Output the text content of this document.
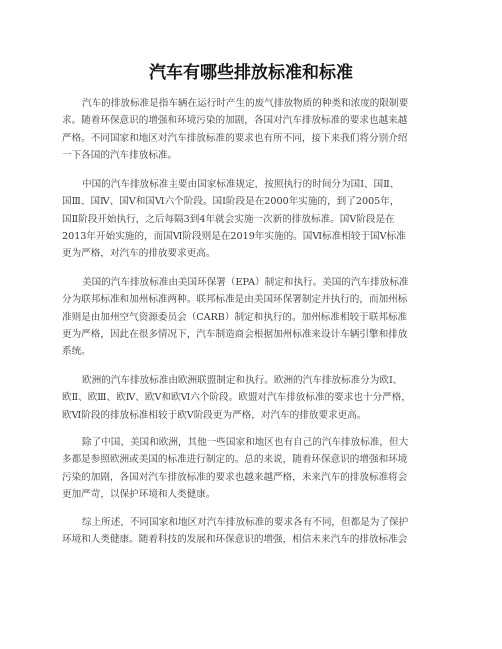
汽车有哪些排放标准和标准

汽车的排放标准是指车辆在运行时产生的废气排放物质的种类和浓度的限制要
求。随着环保意识的增强和环境污染的加剧，各国对汽车排放标准的要求也越来越
严格。不同国家和地区对汽车排放标准的要求也有所不同，接下来我们将分别介绍
一下各国的汽车排放标准。

中国的汽车排放标准主要由国家标准规定，按照执行的时间分为国Ⅰ、国Ⅱ、
国Ⅲ、国Ⅳ、国Ⅴ和国Ⅵ六个阶段。国Ⅰ阶段是在2000年实施的，到了2005年，
国Ⅱ阶段开始执行，之后每隔3到4年就会实施一次新的排放标准。国Ⅴ阶段是在
2013年开始实施的，而国Ⅵ阶段则是在2019年实施的。国Ⅵ标准相较于国Ⅴ标准
更为严格，对汽车的排放要求更高。

美国的汽车排放标准由美国环保署（EPA）制定和执行。美国的汽车排放标准
分为联邦标准和加州标准两种。联邦标准是由美国环保署制定并执行的，而加州标
准则是由加州空气资源委员会（CARB）制定和执行的。加州标准相较于联邦标准
更为严格，因此在很多情况下，汽车制造商会根据加州标准来设计车辆引擎和排放
系统。

欧洲的汽车排放标准由欧洲联盟制定和执行。欧洲的汽车排放标准分为欧Ⅰ、
欧Ⅱ、欧Ⅲ、欧Ⅳ、欧Ⅴ和欧Ⅵ六个阶段。欧盟对汽车排放标准的要求也十分严格，
欧Ⅵ阶段的排放标准相较于欧Ⅴ阶段更为严格，对汽车的排放要求更高。

除了中国、美国和欧洲，其他一些国家和地区也有自己的汽车排放标准，但大
多都是参照欧洲或美国的标准进行制定的。总的来说，随着环保意识的增强和环境
污染的加剧，各国对汽车排放标准的要求也越来越严格，未来汽车的排放标准将会
更加严苛，以保护环境和人类健康。

综上所述，不同国家和地区对汽车排放标准的要求各有不同，但都是为了保护
环境和人类健康。随着科技的发展和环保意识的增强，相信未来汽车的排放标准会
